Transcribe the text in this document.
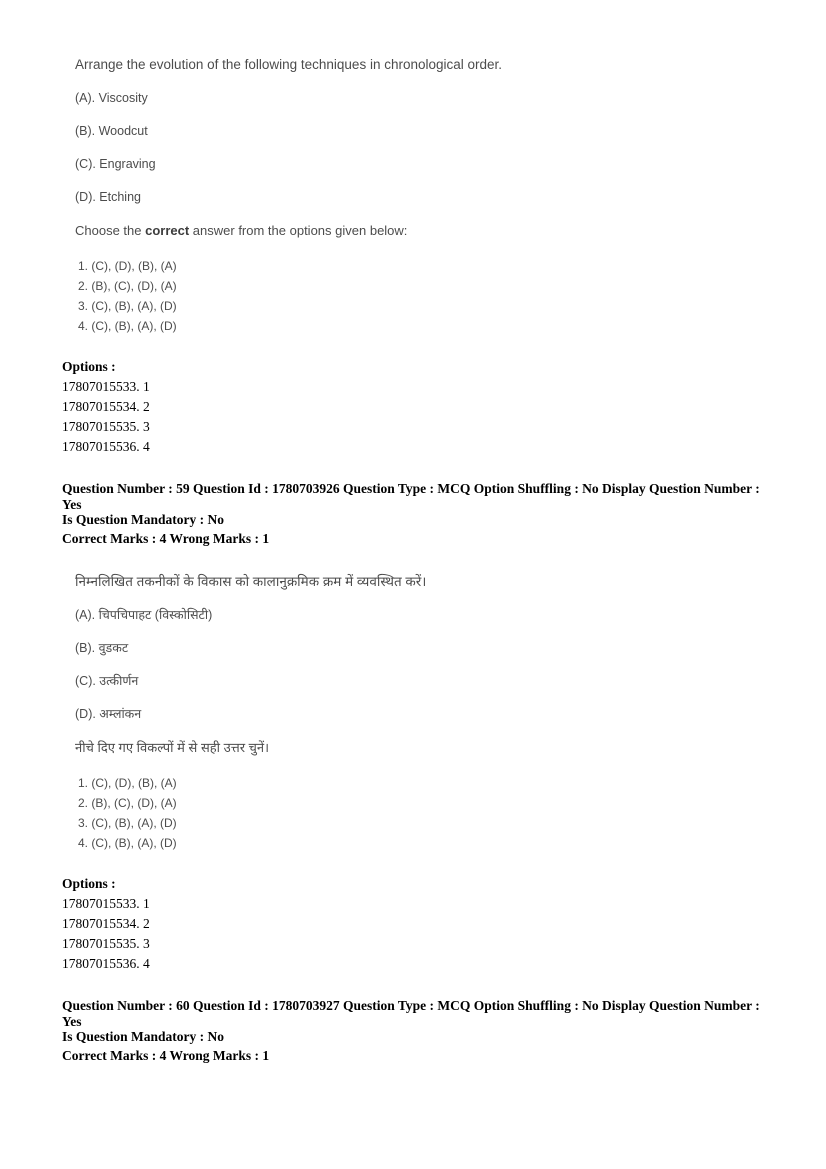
Arrange the evolution of the following techniques in chronological order.

(A). Viscosity

(B). Woodcut

(C). Engraving

(D). Etching

Choose the correct answer from the options given below:

1. (C), (D), (B), (A)

2. (B), (C), (D), (A)

3. (C), (B), (A), (D)

4. (C), (B), (A), (D)

Options :

17807015533. 1

17807015534. 2

17807015535. 3

17807015536. 4

Question Number : 59 Question Id : 1780703926 Question Type : MCQ Option Shuffling : No Display Question Number : Yes

Is Question Mandatory : No

Correct Marks : 4 Wrong Marks : 1

निम्नलिखित तकनीकों के विकास को कालानुक्रमिक क्रम में व्यवस्थित करें।

(A). चिपचिपाहट (विस्कोसिटी)

(B). वुडकट

(C). उत्कीर्णन

(D). अम्लांकन

नीचे दिए गए विकल्पों में से सही उत्तर चुनें।

1. (C), (D), (B), (A)

2. (B), (C), (D), (A)

3. (C), (B), (A), (D)

4. (C), (B), (A), (D)

Options :

17807015533. 1

17807015534. 2

17807015535. 3

17807015536. 4

Question Number : 60 Question Id : 1780703927 Question Type : MCQ Option Shuffling : No Display Question Number : Yes

Is Question Mandatory : No

Correct Marks : 4 Wrong Marks : 1
